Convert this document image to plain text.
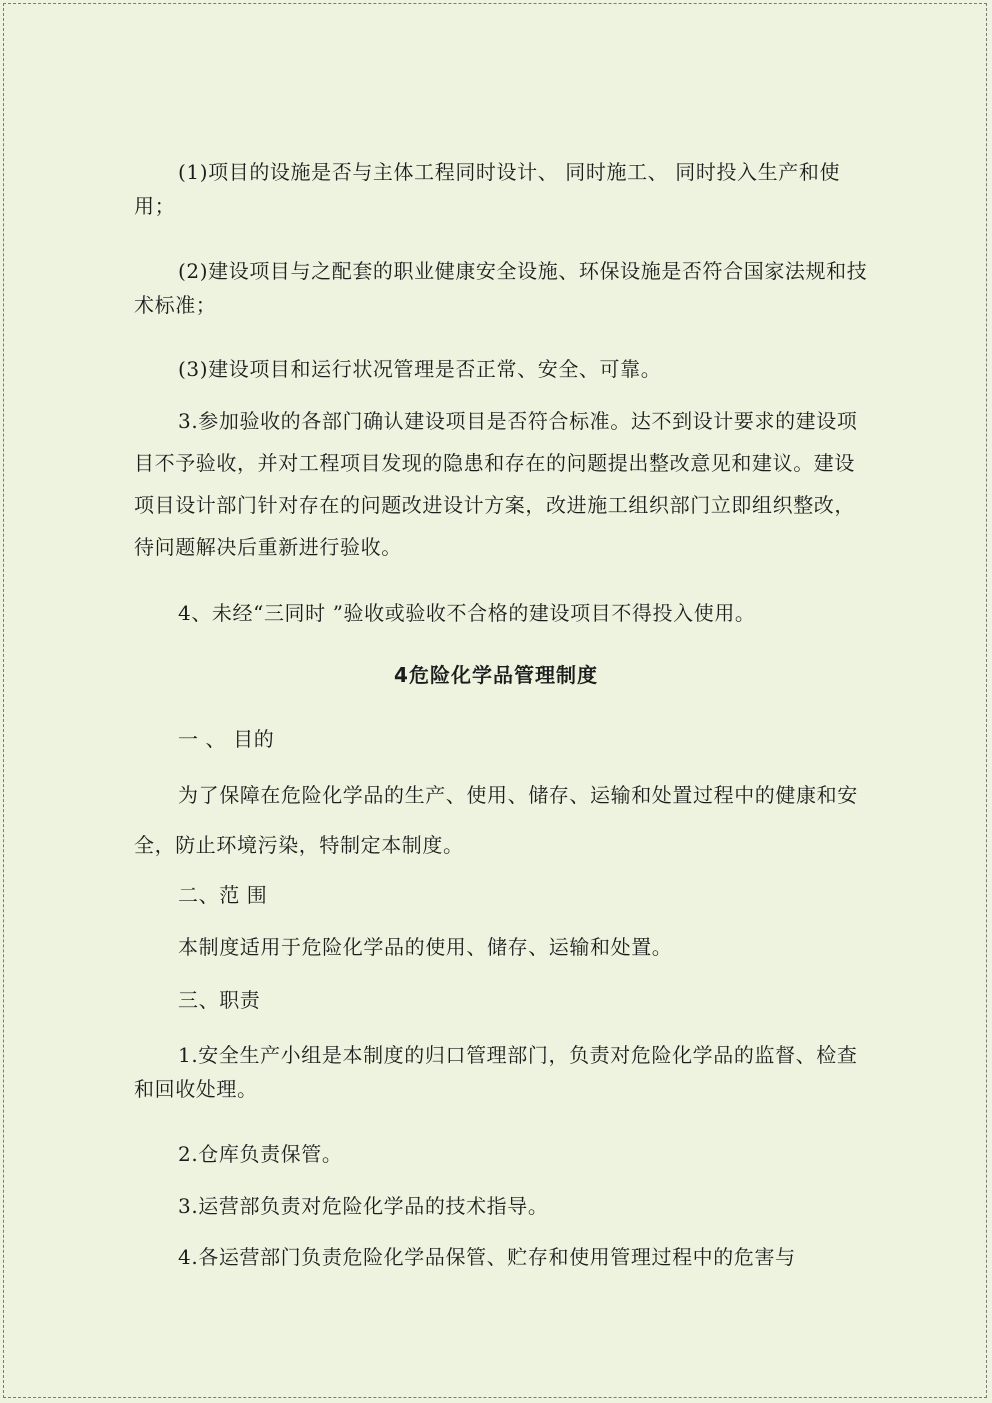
(1)项目的设施是否与主体工程同时设计、 同时施工、 同时投入生产和使用；

(2)建设项目与之配套的职业健康安全设施、环保设施是否符合国家法规和技术标准；

(3)建设项目和运行状况管理是否正常、安全、可靠。

3.参加验收的各部门确认建设项目是否符合标准。达不到设计要求的建设项目不予验收，并对工程项目发现的隐患和存在的问题提出整改意见和建议。建设项目设计部门针对存在的问题改进设计方案，改进施工组织部门立即组织整改，待问题解决后重新进行验收。

4、未经“三同时 ”验收或验收不合格的建设项目不得投入使用。

4危险化学品管理制度

一 、 目的

为了保障在危险化学品的生产、使用、储存、运输和处置过程中的健康和安全，防止环境污染，特制定本制度。

二、范 围

本制度适用于危险化学品的使用、储存、运输和处置。

三、职责

1.安全生产小组是本制度的归口管理部门，负责对危险化学品的监督、检查和回收处理。

2.仓库负责保管。

3.运营部负责对危险化学品的技术指导。

4.各运营部门负责危险化学品保管、贮存和使用管理过程中的危害与
